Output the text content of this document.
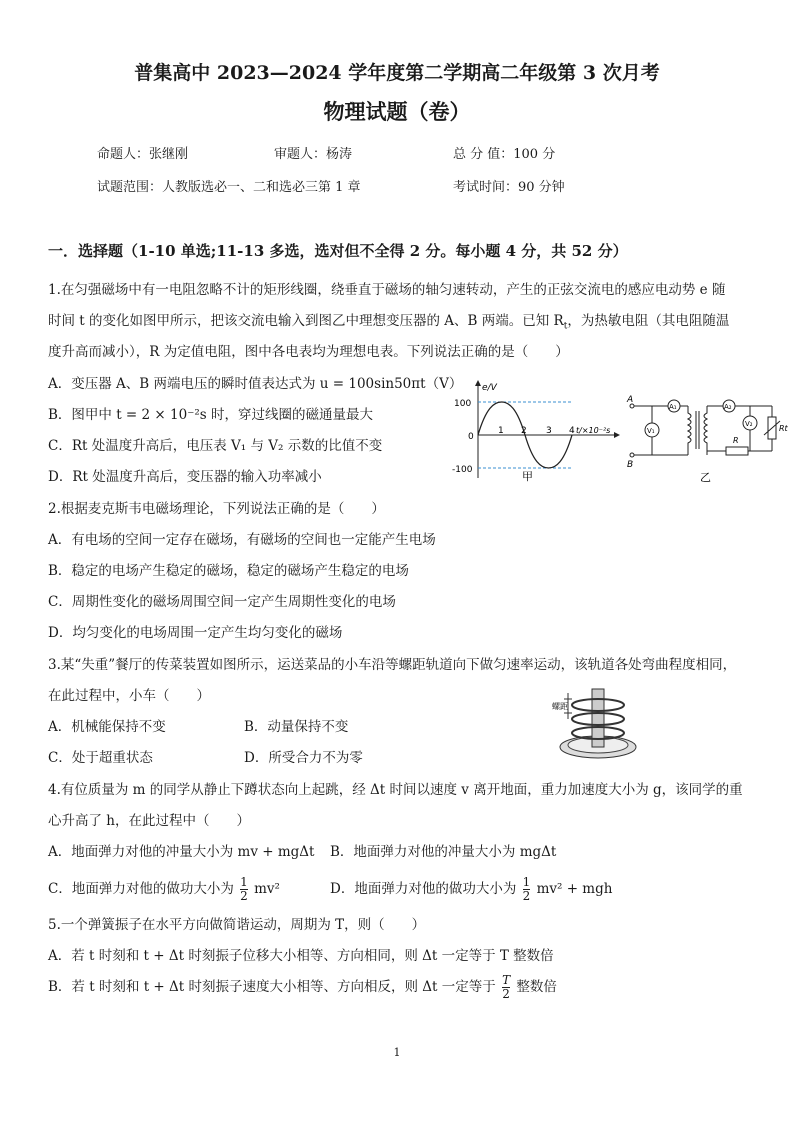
普集高中 2023—2024 学年度第二学期高二年级第 3 次月考
物理试题（卷）
命题人：张继刚	审题人：杨涛	总 分 值：100 分
试题范围：人教版选必一、二和选必三第 1 章	考试时间：90 分钟
一．选择题（1-10 单选;11-13 多选，选对但不全得 2 分。每小题 4 分，共 52 分）
1.在匀强磁场中有一电阻忽略不计的矩形线圈，绕垂直于磁场的轴匀速转动，产生的正弦交流电的感应电动势 e 随
时间 t 的变化如图甲所示，把该交流电输入到图乙中理想变压器的 A、B 两端。已知 $R_t$，为热敏电阻（其电阻随温
度升高而减小），R 为定值电阻，图中各电表均为理想电表。下列说法正确的是（　　）
A．变压器 A、B 两端电压的瞬时值表达式为 u = 100sin50πt（V）
B．图甲中 t = 2 × 10⁻²s 时，穿过线圈的磁通量最大
C．Rt 处温度升高后，电压表 V₁ 与 V₂ 示数的比值不变
D．Rt 处温度升高后，变压器的输入功率减小
e/V
100
-100
0
1 2 3 4 t/×10⁻²s
甲
A
B
A₁
V₁
A₂
Rt
R
V₂
乙
2.根据麦克斯韦电磁场理论，下列说法正确的是（　　）
A．有电场的空间一定存在磁场，有磁场的空间也一定能产生电场
B．稳定的电场产生稳定的磁场，稳定的磁场产生稳定的电场
C．周期性变化的磁场周围空间一定产生周期性变化的电场
D．均匀变化的电场周围一定产生均匀变化的磁场
3.某“失重”餐厅的传菜装置如图所示，运送菜品的小车沿等螺距轨道向下做匀速率运动，该轨道各处弯曲程度相同，
在此过程中，小车（　　）
A．机械能保持不变	B．动量保持不变
C．处于超重状态	D．所受合力不为零
螺距
4.有位质量为 m 的同学从静止下蹲状态向上起跳，经 Δt 时间以速度 v 离开地面，重力加速度大小为 g，该同学的重
心升高了 h，在此过程中（　　）
A．地面弹力对他的冲量大小为 mv + mgΔt B．地面弹力对他的冲量大小为 mgΔt
C．地面弹力对他的做功大小为 $\frac{1}{2} mv^2$	D．地面弹力对他的做功大小为 $\frac{1}{2} mv^2$ + mgh
5.一个弹簧振子在水平方向做简谐运动，周期为 T，则（　　）
A．若 t 时刻和 t + Δt 时刻振子位移大小相等、方向相同，则 Δt 一定等于 T 整数倍
B．若 t 时刻和 t + Δt 时刻振子速度大小相等、方向相反，则 Δt 一定等于 $\frac{T}{2}$ 整数倍
1
